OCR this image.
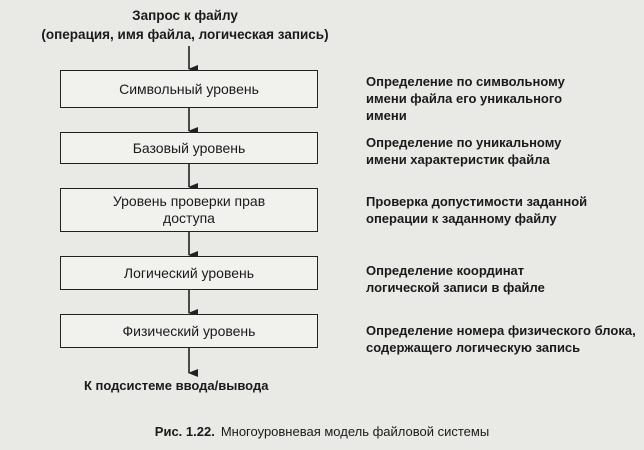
Запрос к файлу
(операция, имя файла, логическая запись)
Символьный уровень
Базовый уровень
Уровень проверки прав доступа
Логический уровень
Физический уровень
Определение по символьному имени файла его уникального имени
Определение по уникальному имени характеристик файла
Проверка допустимости заданной операции к заданному файлу
Определение координат логической записи в файле
Определение номера физического блока, содержащего логическую запись
К подсистеме ввода/вывода
Рис. 1.22. Многоуровневая модель файловой системы
